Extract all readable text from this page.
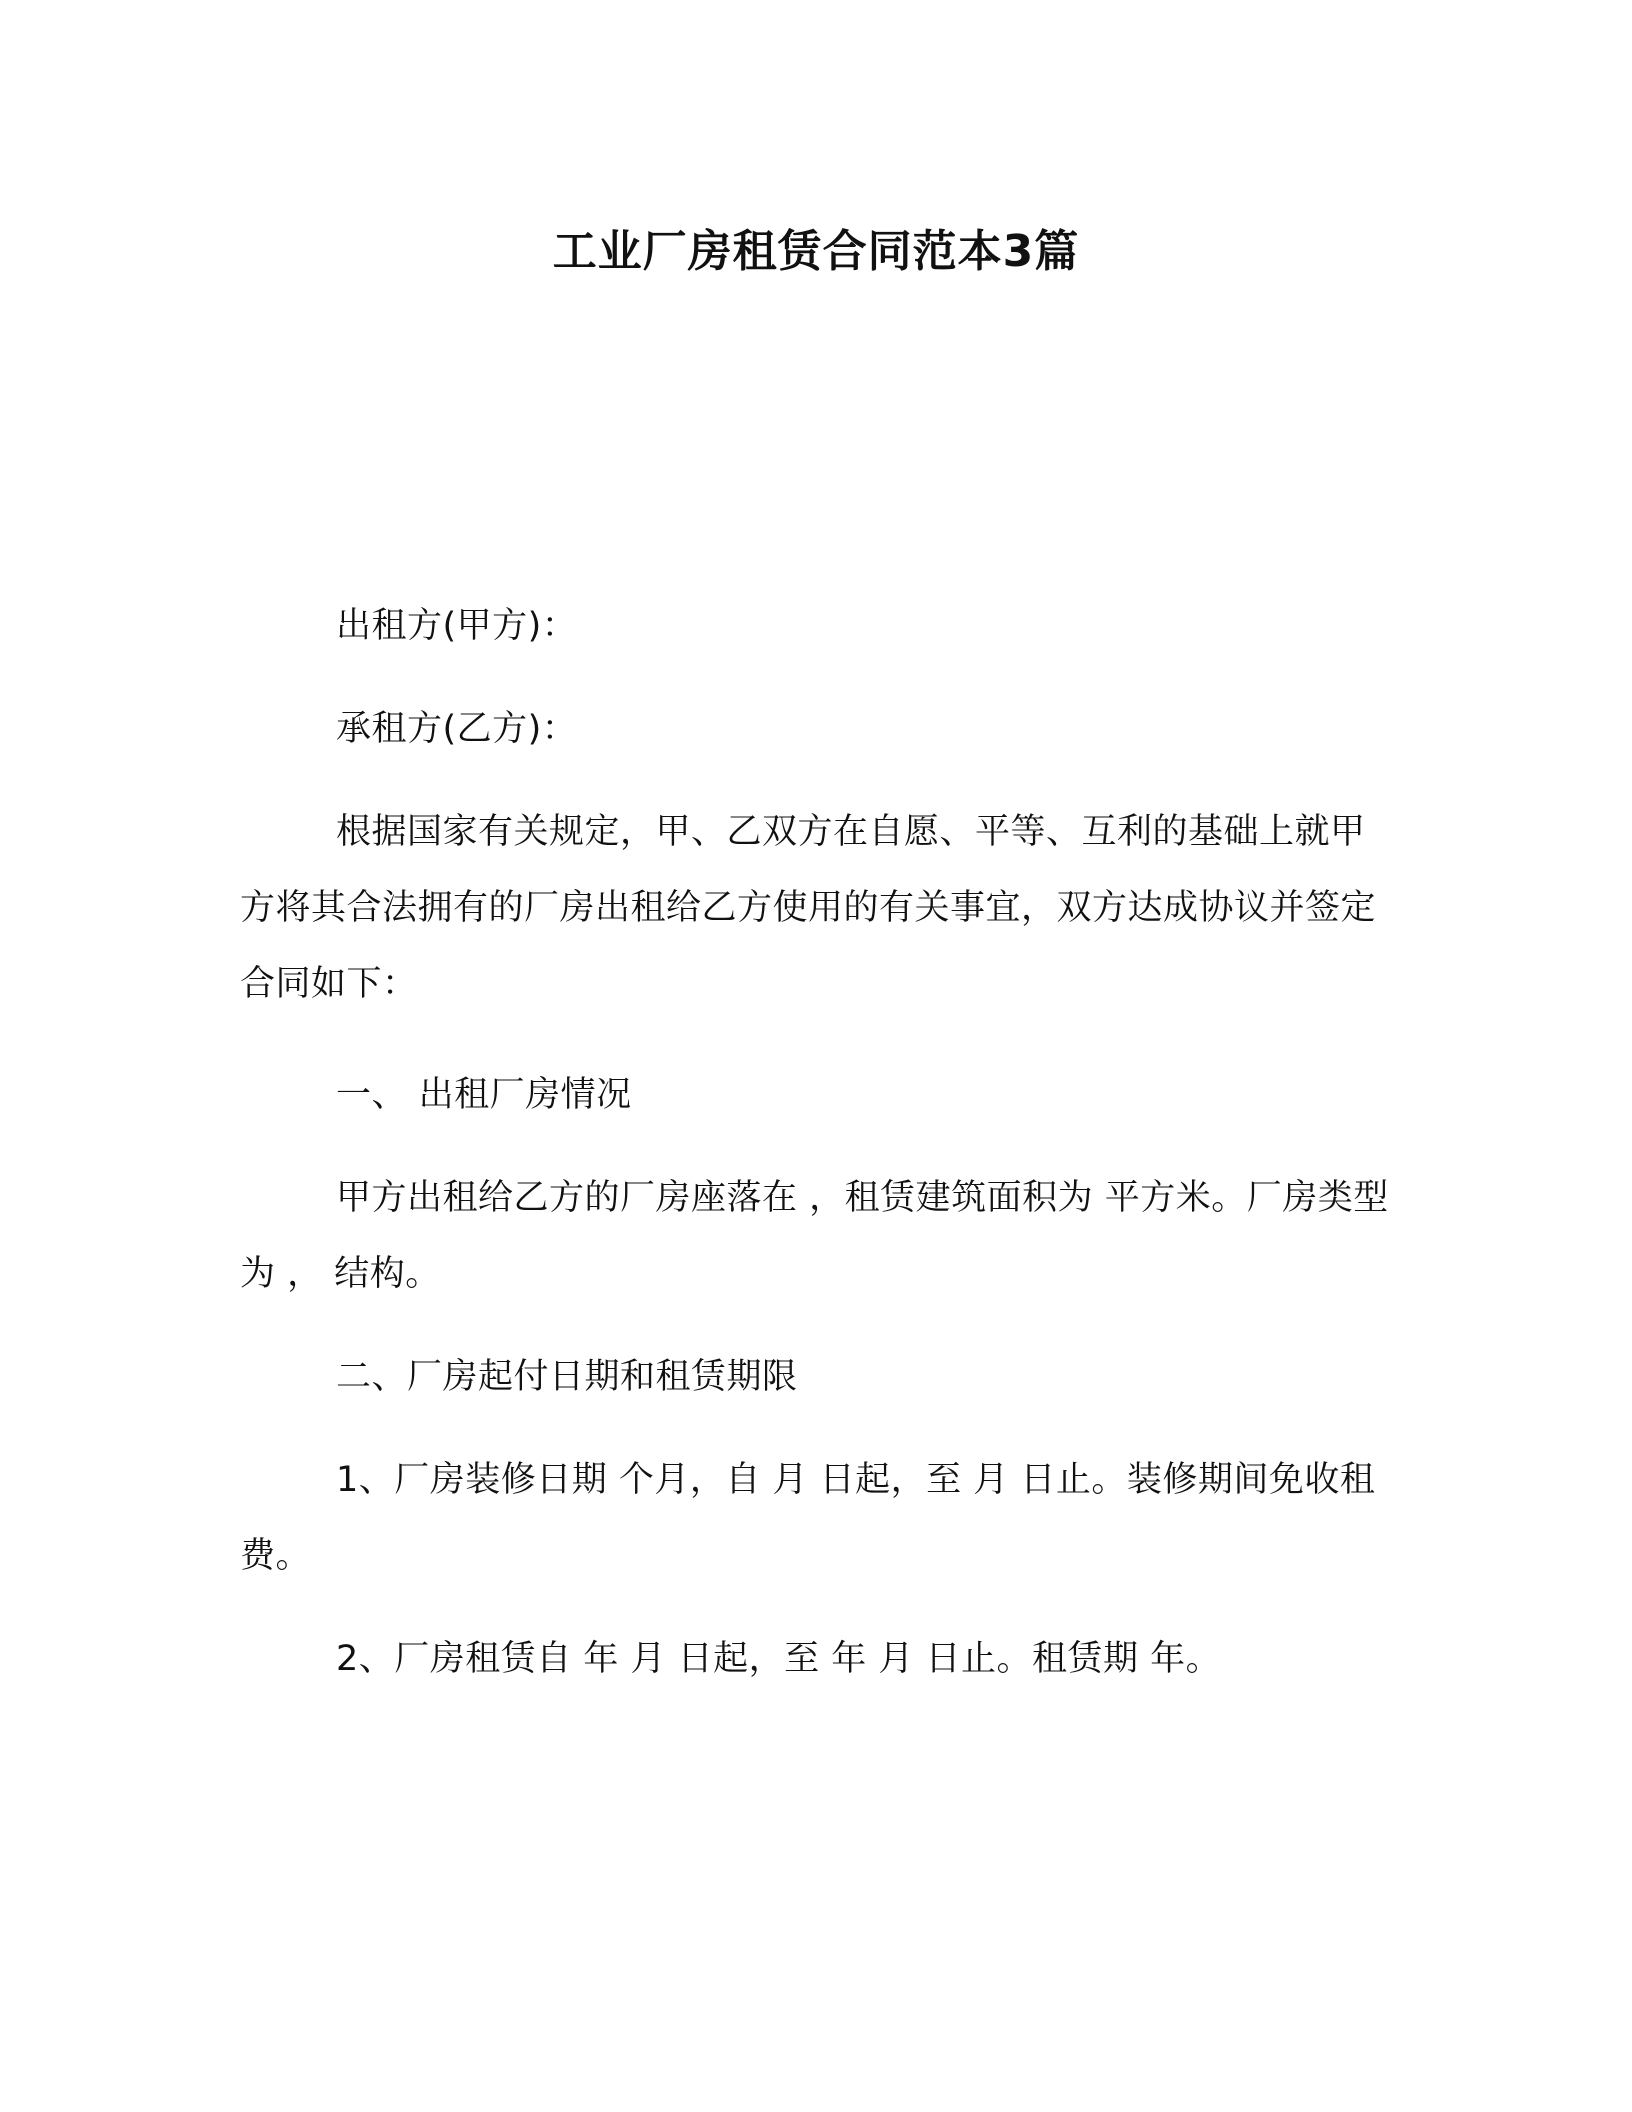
工业厂房租赁合同范本3篇

出租方(甲方)：

承租方(乙方)：

根据国家有关规定，甲、乙双方在自愿、平等、互利的基础上就甲方将其合法拥有的厂房出租给乙方使用的有关事宜，双方达成协议并签定合同如下：

一、 出租厂房情况

甲方出租给乙方的厂房座落在 ，租赁建筑面积为 平方米。厂房类型为 ， 结构。

二、厂房起付日期和租赁期限

1、厂房装修日期 个月，自 月 日起，至 月 日止。装修期间免收租费。

2、厂房租赁自 年 月 日起，至 年 月 日止。租赁期 年。
